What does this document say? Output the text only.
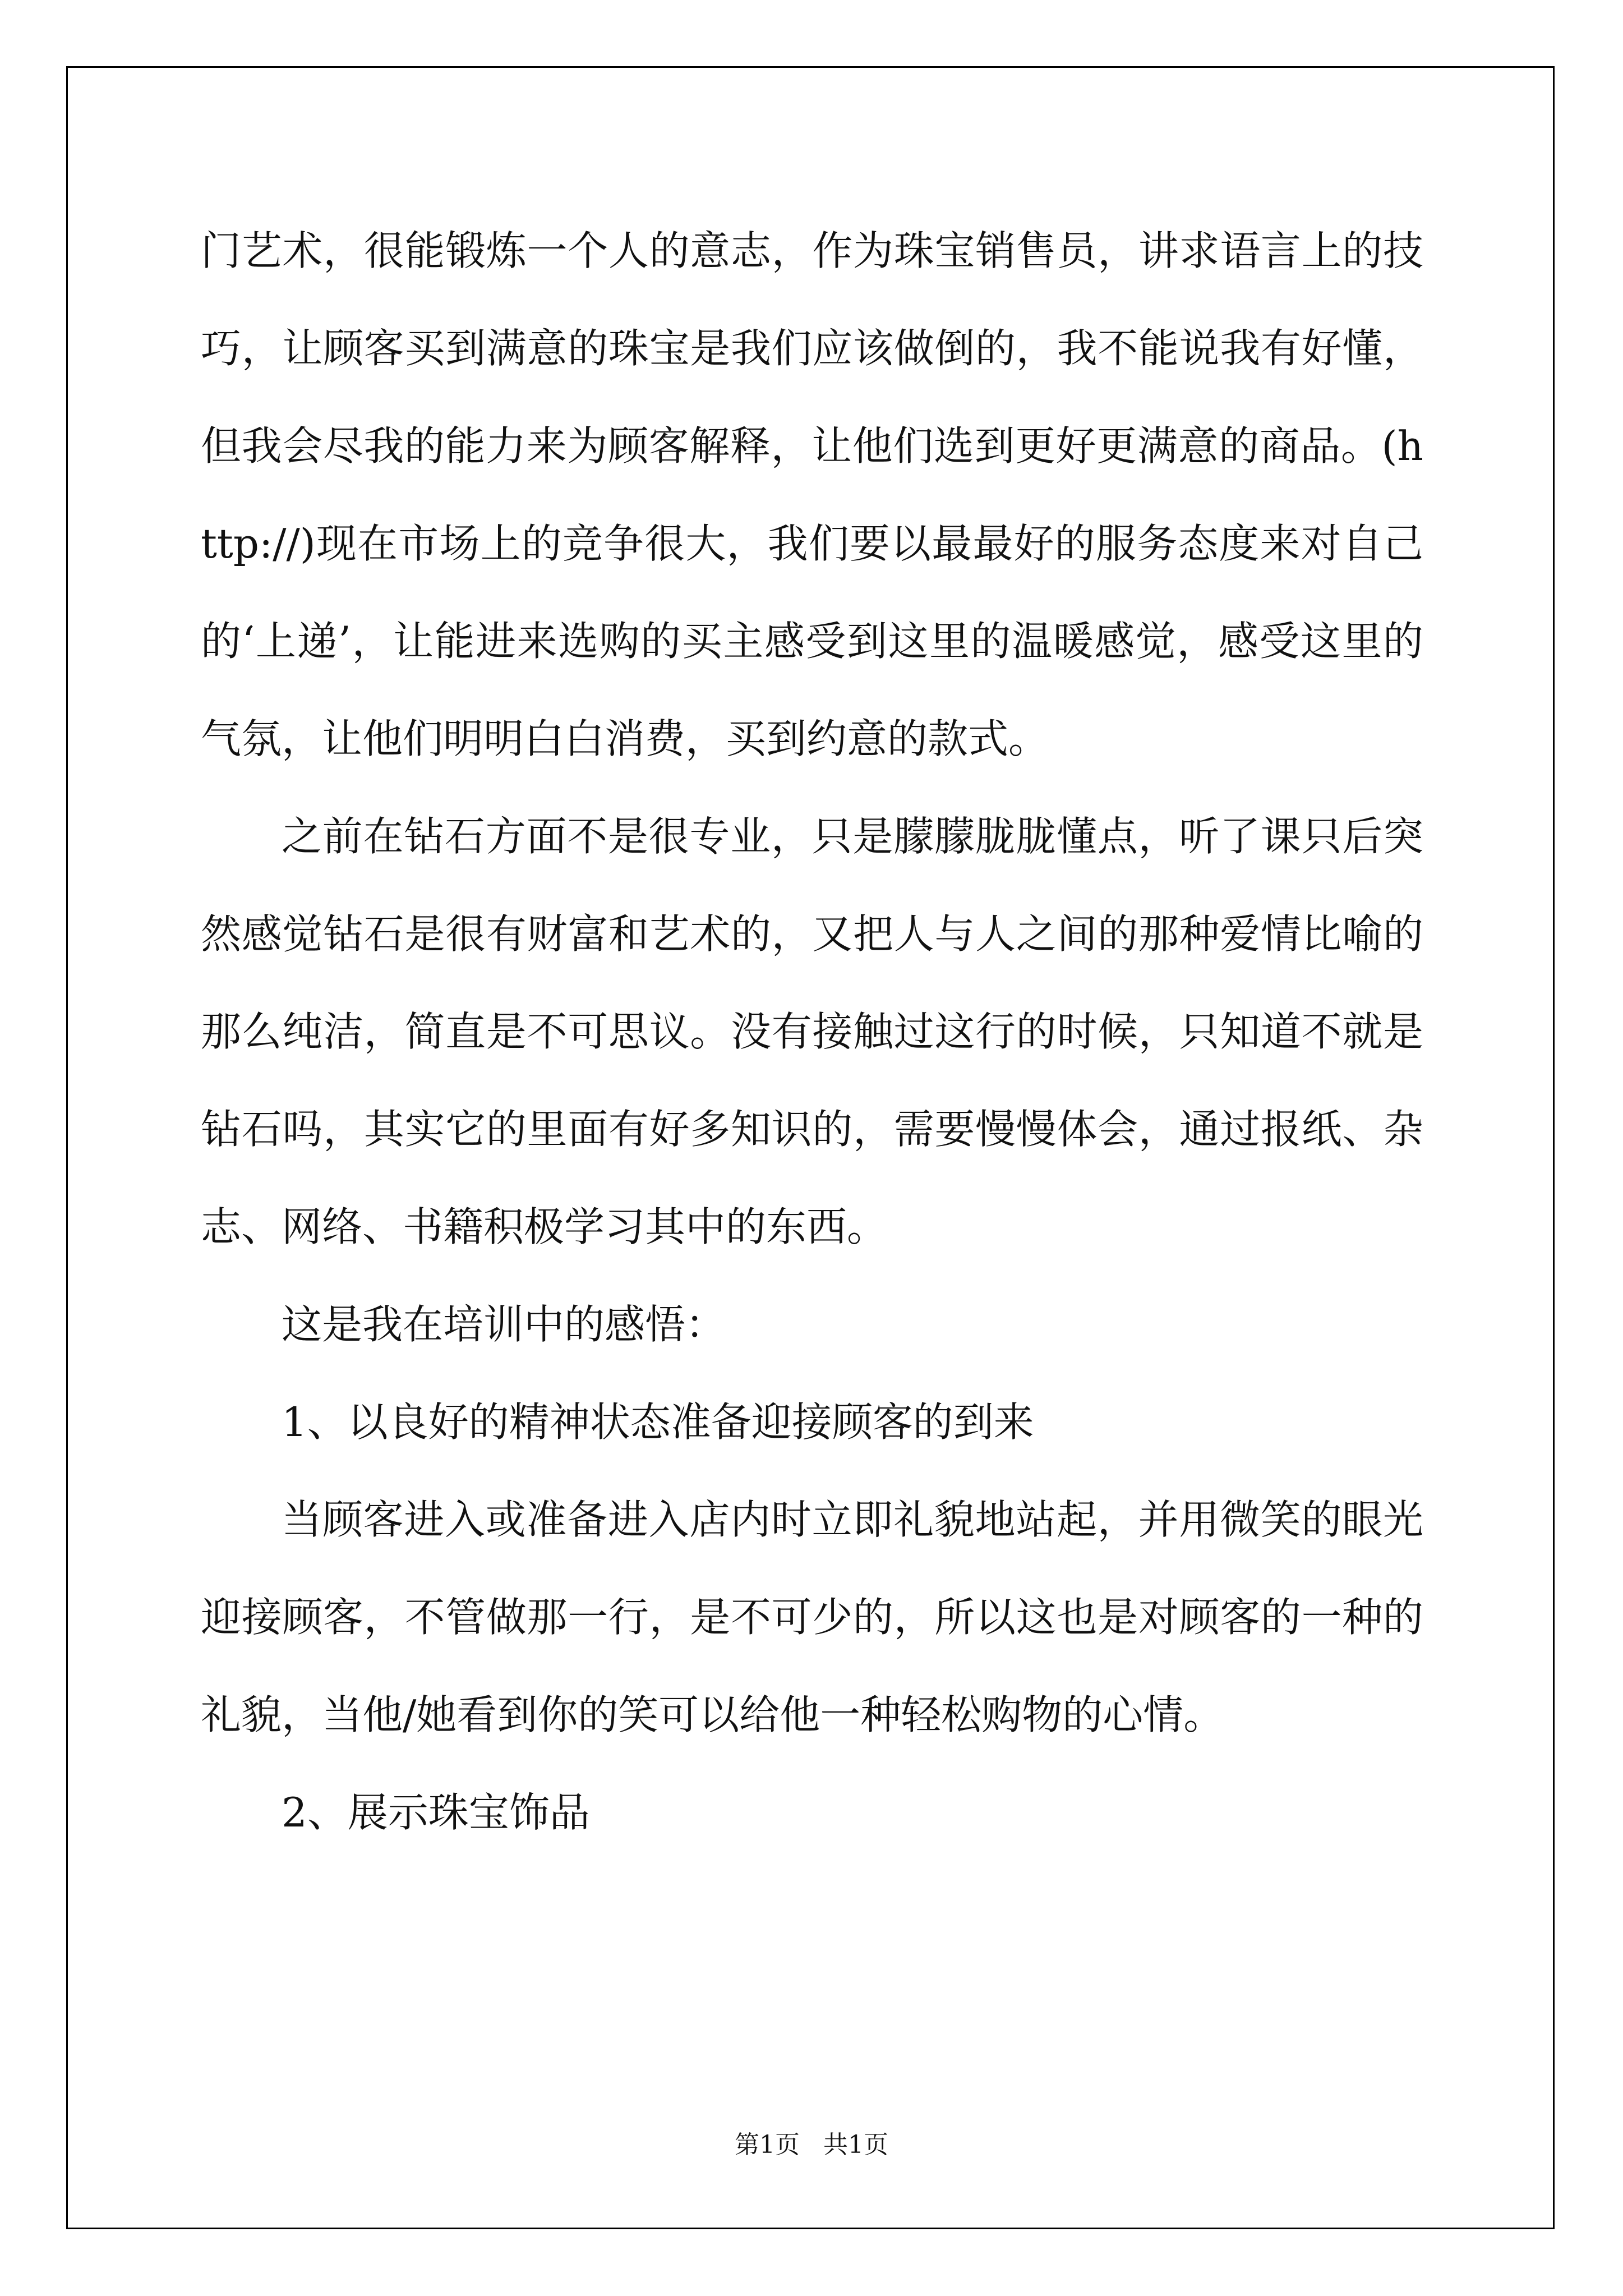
门艺术，很能锻炼一个人的意志，作为珠宝销售员，讲求语言上的技巧，让顾客买到满意的珠宝是我们应该做倒的，我不能说我有好懂，但我会尽我的能力来为顾客解释，让他们选到更好更满意的商品。(http://)现在市场上的竞争很大，我们要以最最好的服务态度来对自己的‘上递’，让能进来选购的买主感受到这里的温暖感觉，感受这里的气氛，让他们明明白白消费，买到约意的款式。

之前在钻石方面不是很专业，只是朦朦胧胧懂点，听了课只后突然感觉钻石是很有财富和艺术的，又把人与人之间的那种爱情比喻的那么纯洁，简直是不可思议。没有接触过这行的时候，只知道不就是钻石吗，其实它的里面有好多知识的，需要慢慢体会，通过报纸、杂志、网络、书籍积极学习其中的东西。

这是我在培训中的感悟：

1、以良好的精神状态准备迎接顾客的到来

当顾客进入或准备进入店内时立即礼貌地站起，并用微笑的眼光迎接顾客，不管做那一行，是不可少的，所以这也是对顾客的一种的礼貌，当他/她看到你的笑可以给他一种轻松购物的心情。

2、展示珠宝饰品

第1页 共1页
